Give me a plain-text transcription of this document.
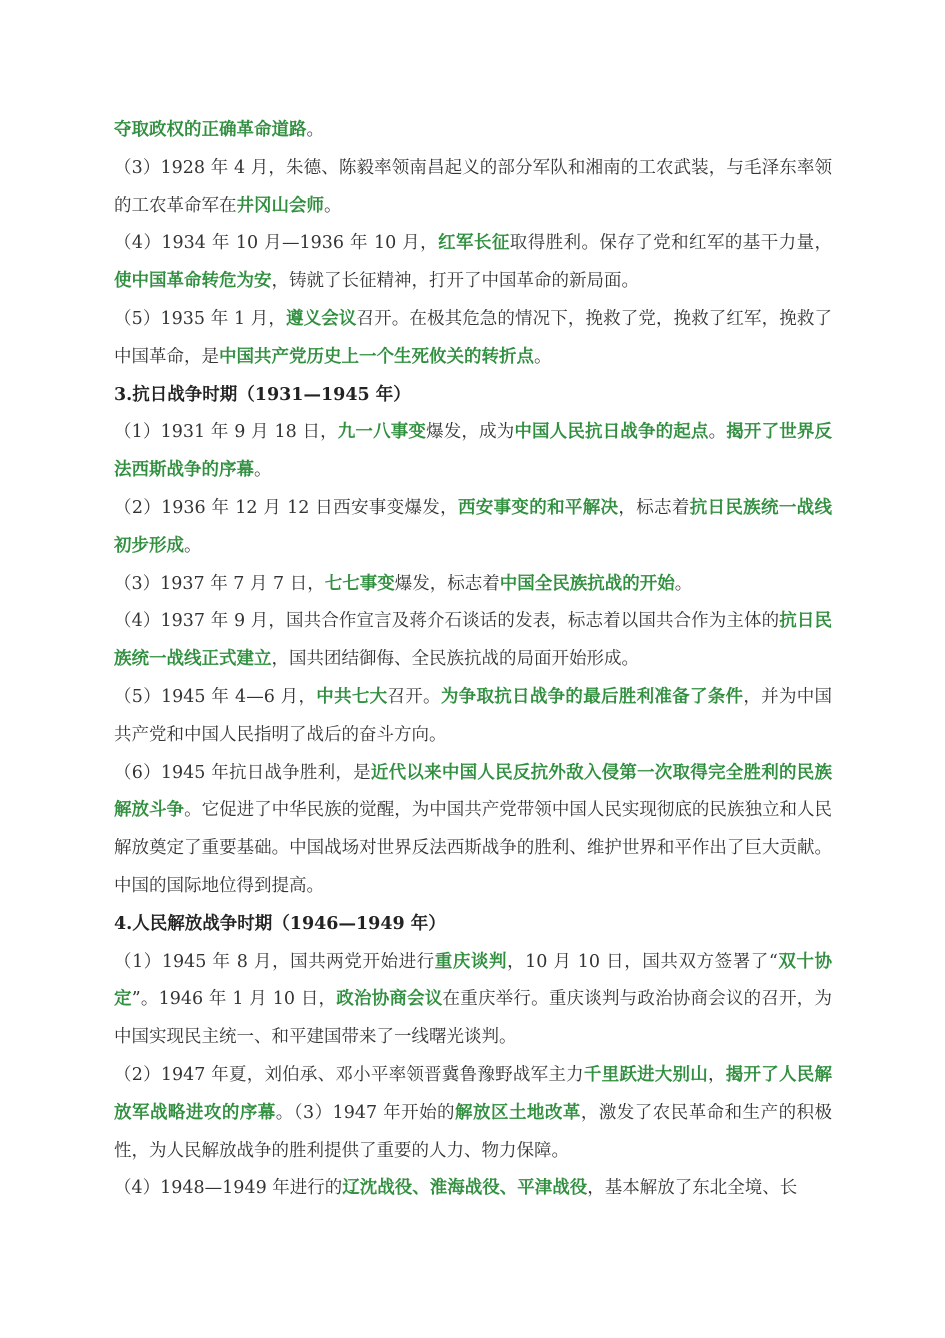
夺取政权的正确革命道路。

（3）1928 年 4 月，朱德、陈毅率领南昌起义的部分军队和湘南的工农武装，与毛泽东率领的工农革命军在井冈山会师。

（4）1934 年 10 月—1936 年 10 月，红军长征取得胜利。保存了党和红军的基干力量，使中国革命转危为安，铸就了长征精神，打开了中国革命的新局面。

（5）1935 年 1 月，遵义会议召开。在极其危急的情况下，挽救了党，挽救了红军，挽救了中国革命，是中国共产党历史上一个生死攸关的转折点。

3.抗日战争时期（1931—1945 年）

（1）1931 年 9 月 18 日，九一八事变爆发，成为中国人民抗日战争的起点。揭开了世界反法西斯战争的序幕。

（2）1936 年 12 月 12 日西安事变爆发，西安事变的和平解决，标志着抗日民族统一战线初步形成。

（3）1937 年 7 月 7 日，七七事变爆发，标志着中国全民族抗战的开始。

（4）1937 年 9 月，国共合作宣言及蒋介石谈话的发表，标志着以国共合作为主体的抗日民族统一战线正式建立，国共团结御侮、全民族抗战的局面开始形成。

（5）1945 年 4—6 月，中共七大召开。为争取抗日战争的最后胜利准备了条件，并为中国共产党和中国人民指明了战后的奋斗方向。

（6）1945 年抗日战争胜利，是近代以来中国人民反抗外敌入侵第一次取得完全胜利的民族解放斗争。它促进了中华民族的觉醒，为中国共产党带领中国人民实现彻底的民族独立和人民解放奠定了重要基础。中国战场对世界反法西斯战争的胜利、维护世界和平作出了巨大贡献。中国的国际地位得到提高。

4.人民解放战争时期（1946—1949 年）

（1）1945 年 8 月，国共两党开始进行重庆谈判，10 月 10 日，国共双方签署了“双十协定”。1946 年 1 月 10 日，政治协商会议在重庆举行。重庆谈判与政治协商会议的召开，为中国实现民主统一、和平建国带来了一线曙光谈判。

（2）1947 年夏，刘伯承、邓小平率领晋冀鲁豫野战军主力千里跃进大别山，揭开了人民解放军战略进攻的序幕。（3）1947 年开始的解放区土地改革，激发了农民革命和生产的积极性，为人民解放战争的胜利提供了重要的人力、物力保障。

（4）1948—1949 年进行的辽沈战役、淮海战役、平津战役，基本解放了东北全境、长
